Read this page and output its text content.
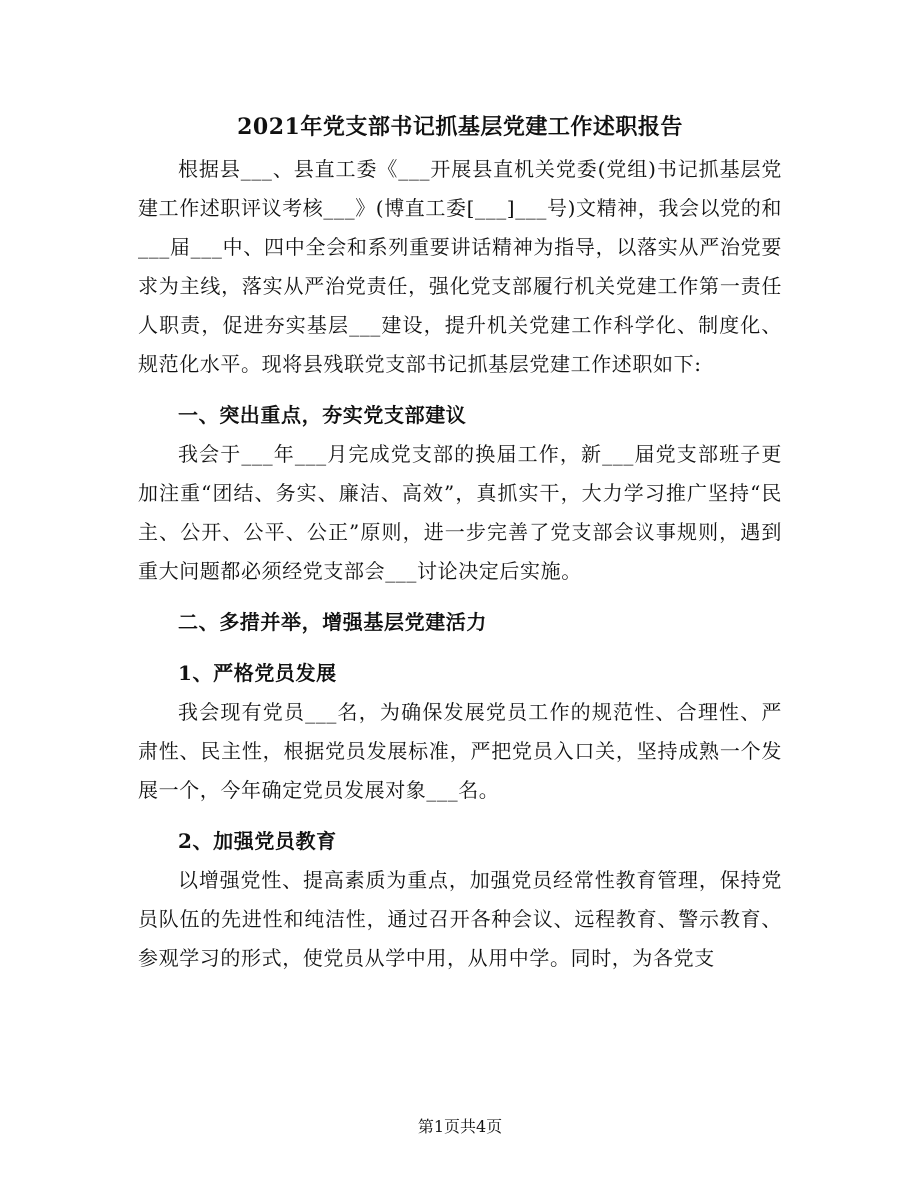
2021年党支部书记抓基层党建工作述职报告

根据县___、县直工委《___开展县直机关党委(党组)书记抓基层党建工作述职评议考核___》(博直工委[___]___号)文精神，我会以党的和___届___中、四中全会和系列重要讲话精神为指导，以落实从严治党要求为主线，落实从严治党责任，强化党支部履行机关党建工作第一责任人职责，促进夯实基层___建设，提升机关党建工作科学化、制度化、规范化水平。现将县残联党支部书记抓基层党建工作述职如下:

一、突出重点，夯实党支部建议

我会于___年___月完成党支部的换届工作，新___届党支部班子更加注重“团结、务实、廉洁、高效”，真抓实干，大力学习推广坚持“民主、公开、公平、公正”原则，进一步完善了党支部会议事规则，遇到重大问题都必须经党支部会___讨论决定后实施。

二、多措并举，增强基层党建活力

1、严格党员发展

我会现有党员___名，为确保发展党员工作的规范性、合理性、严肃性、民主性，根据党员发展标准，严把党员入口关，坚持成熟一个发展一个，今年确定党员发展对象___名。

2、加强党员教育

以增强党性、提高素质为重点，加强党员经常性教育管理，保持党员队伍的先进性和纯洁性，通过召开各种会议、远程教育、警示教育、参观学习的形式，使党员从学中用，从用中学。同时，为各党支

第1页共4页
